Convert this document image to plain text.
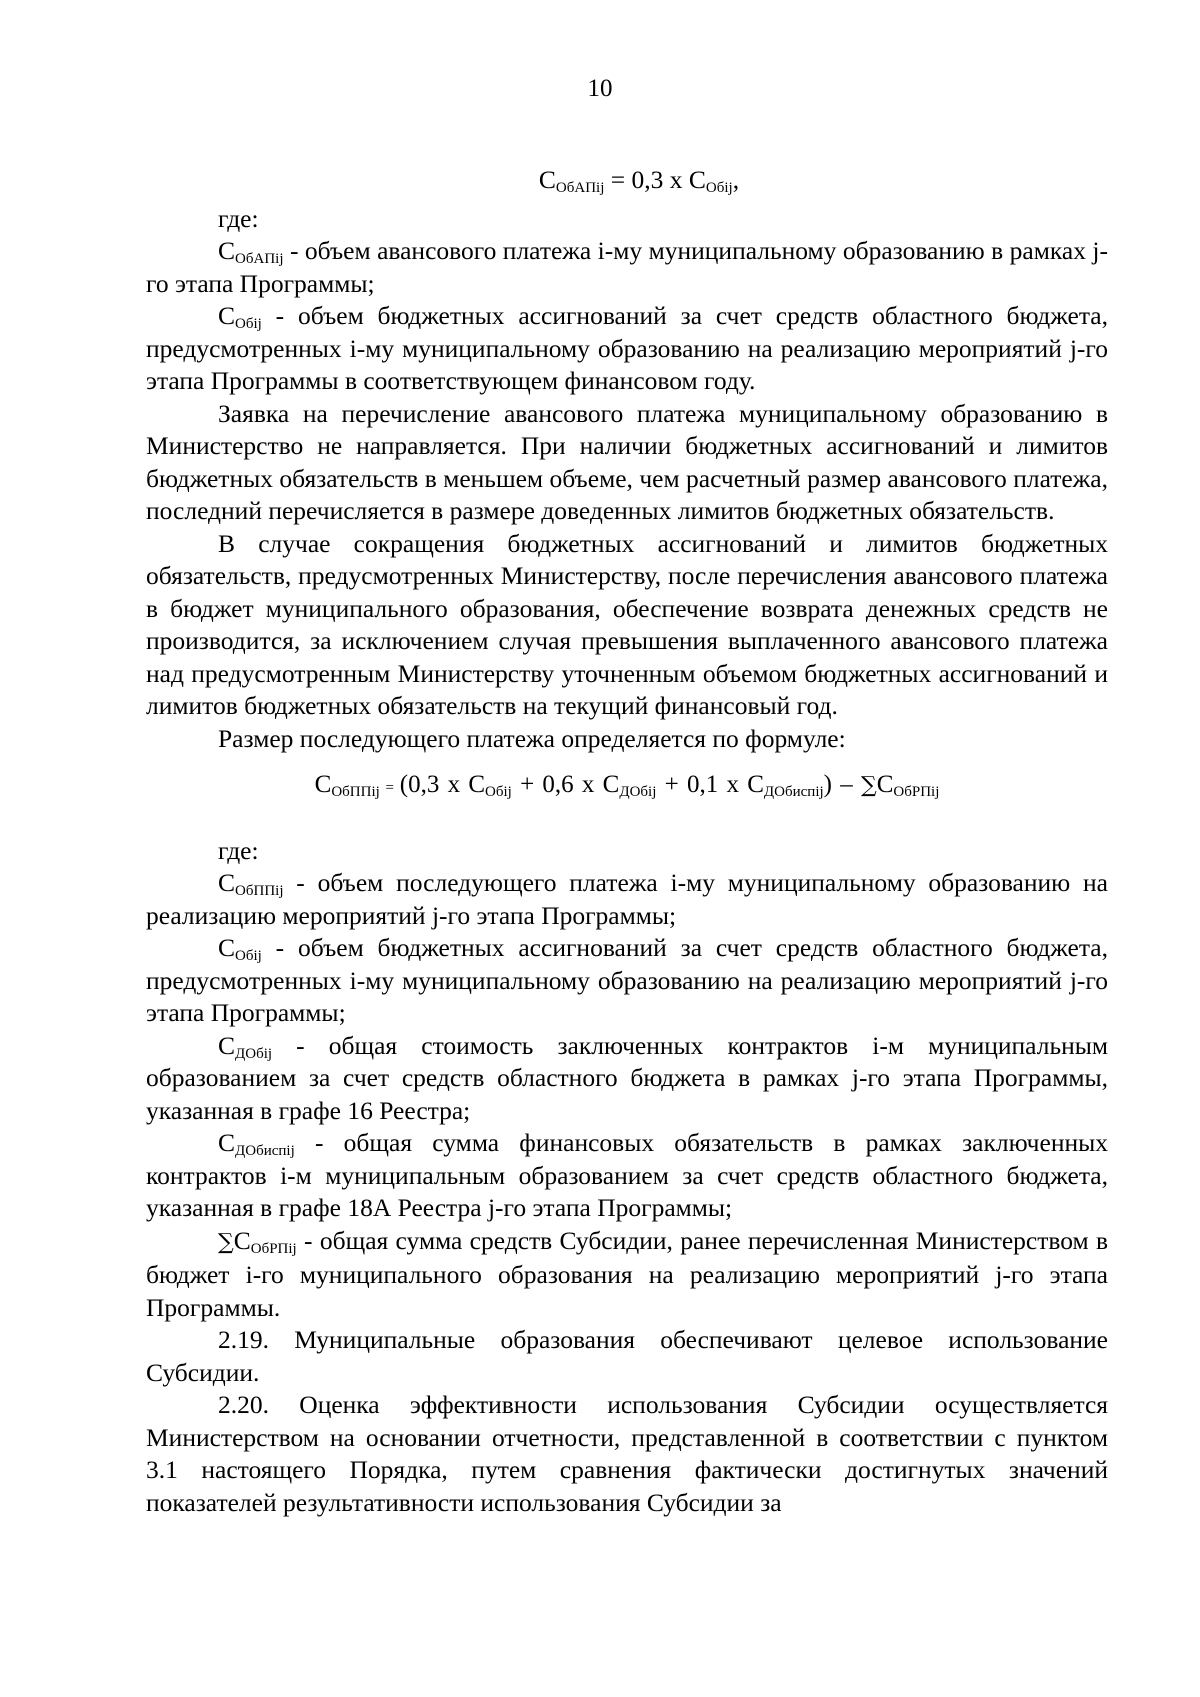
10
$С_{ОбАПij} = 0,3$ х $С_{Обij}$,
где:

$С_{ОбАПij}$ - объем авансового платежа i-му муниципальному образованию в рамках j-го этапа Программы;

$С_{Обij}$ - объем бюджетных ассигнований за счет средств областного бюджета, предусмотренных i-му муниципальному образованию на реализацию мероприятий j-го этапа Программы в соответствующем финансовом году.

Заявка на перечисление авансового платежа муниципальному образованию в Министерство не направляется. При наличии бюджетных ассигнований и лимитов бюджетных обязательств в меньшем объеме, чем расчетный размер авансового платежа, последний перечисляется в размере доведенных лимитов бюджетных обязательств.

В случае сокращения бюджетных ассигнований и лимитов бюджетных обязательств, предусмотренных Министерству, после перечисления авансового платежа в бюджет муниципального образования, обеспечение возврата денежных средств не производится, за исключением случая превышения выплаченного авансового платежа над предусмотренным Министерству уточненным объемом бюджетных ассигнований и лимитов бюджетных обязательств на текущий финансовый год.

Размер последующего платежа определяется по формуле:

$С_{ОбППij} = (0,3$ х $С_{Обij} + 0,6$ х $С_{ДОбij} + 0,1$ х $С_{ДОбиспij}) - \sum С_{ОбРПij}$
где:

$С_{ОбППij}$ - объем последующего платежа i-му муниципальному образованию на реализацию мероприятий j-го этапа Программы;

$С_{Обij}$ - объем бюджетных ассигнований за счет средств областного бюджета, предусмотренных i-му муниципальному образованию на реализацию мероприятий j-го этапа Программы;

$С_{ДОбij}$ - общая стоимость заключенных контрактов i-м муниципальным образованием за счет средств областного бюджета в рамках j-го этапа Программы, указанная в графе 16 Реестра;

$С_{ДОбиспij}$ - общая сумма финансовых обязательств в рамках заключенных контрактов i-м муниципальным образованием за счет средств областного бюджета, указанная в графе 18А Реестра j-го этапа Программы;

$\sum С_{ОбРПij}$ - общая сумма средств Субсидии, ранее перечисленная Министерством в бюджет i-го муниципального образования на реализацию мероприятий j-го этапа Программы.

2.19. Муниципальные образования обеспечивают целевое использование Субсидии.

2.20. Оценка эффективности использования Субсидии осуществляется Министерством на основании отчетности, представленной в соответствии с пунктом 3.1 настоящего Порядка, путем сравнения фактически достигнутых значений показателей результативности использования Субсидии за
